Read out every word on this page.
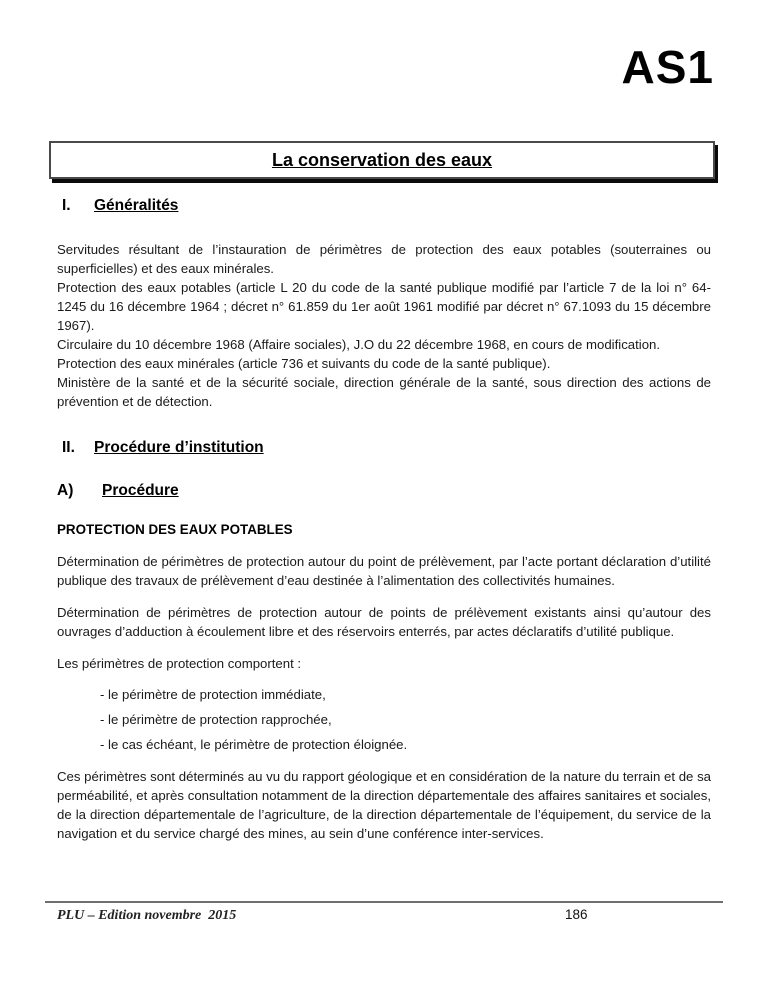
AS1
La conservation des eaux
I.	Généralités

Servitudes résultant de l’instauration de périmètres de protection des eaux potables (souterraines ou superficielles) et des eaux minérales.

Protection des eaux potables (article L 20 du code de la santé publique modifié par l’article 7 de la loi n° 64-1245 du 16 décembre 1964 ; décret n° 61.859 du 1er août 1961 modifié par décret n° 67.1093 du 15 décembre 1967).

Circulaire du 10 décembre 1968 (Affaire sociales), J.O du 22 décembre 1968, en cours de modification.

Protection des eaux minérales (article 736 et suivants du code de la santé publique).

Ministère de la santé et de la sécurité sociale, direction générale de la santé, sous direction des actions de prévention et de détection.

II.	Procédure d’institution
A)	Procédure
PROTECTION DES EAUX POTABLES

Détermination de périmètres de protection autour du point de prélèvement, par l’acte portant déclaration d’utilité publique des travaux de prélèvement d’eau destinée à l’alimentation des collectivités humaines.

Détermination de périmètres de protection autour de points de prélèvement existants ainsi qu’autour des ouvrages d’adduction à écoulement libre et des réservoirs enterrés, par actes déclaratifs d’utilité publique.

Les périmètres de protection comportent :

- le périmètre de protection immédiate,
- le périmètre de protection rapprochée,
- le cas échéant, le périmètre de protection éloignée.

Ces périmètres sont déterminés au vu du rapport géologique et en considération de la nature du terrain et de sa perméabilité, et après consultation notamment de la direction départementale des affaires sanitaires et sociales, de la direction départementale de l’agriculture, de la direction départementale de l’équipement, du service de la navigation et du service chargé des mines, au sein d’une conférence inter-services.

PLU – Edition novembre  2015	186
